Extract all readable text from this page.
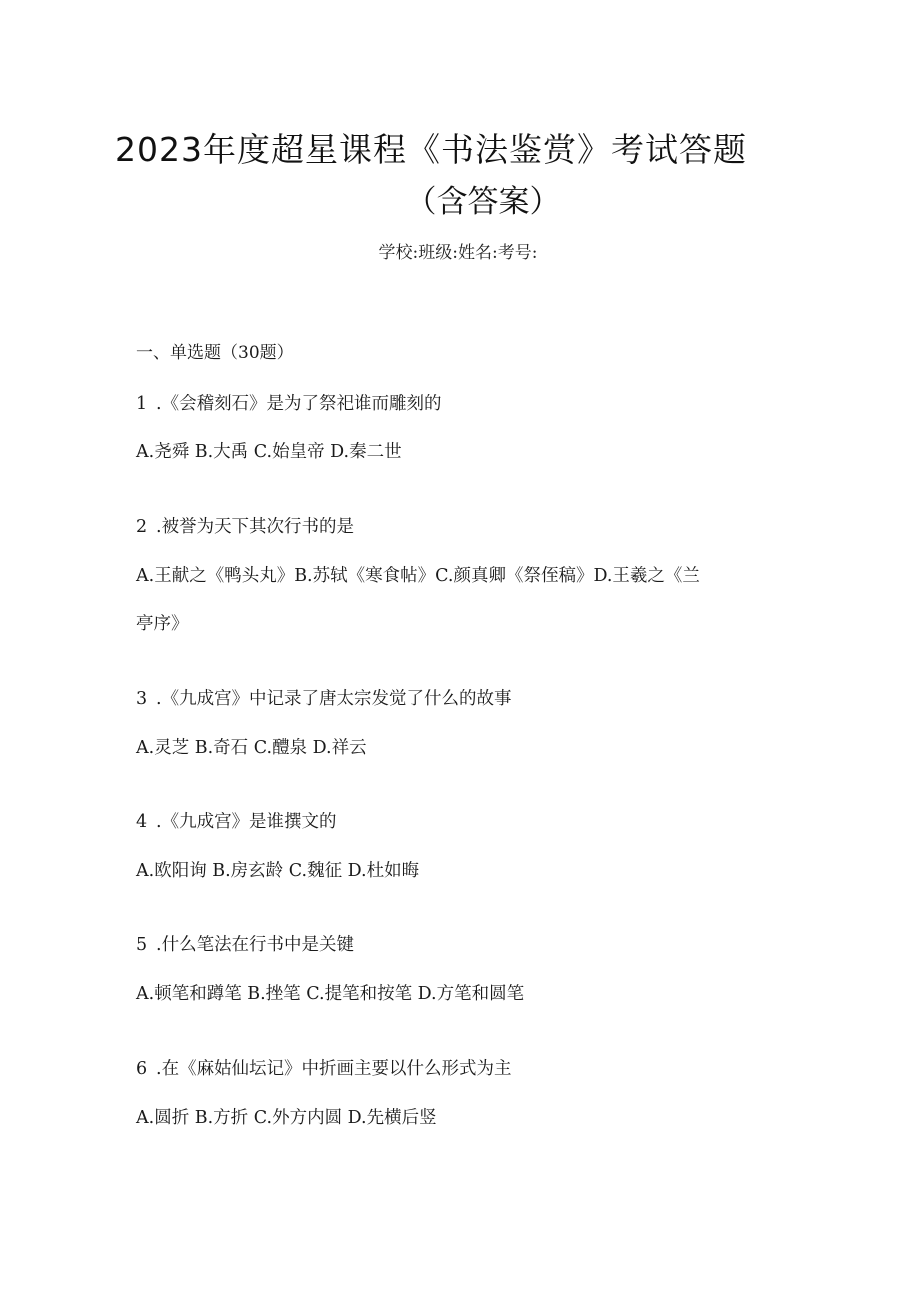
2023年度超星课程《书法鉴赏》考试答题
（含答案）
学校:班级:姓名:考号:
一、单选题（30题）
1 .《会稽刻石》是为了祭祀谁而雕刻的
A.尧舜 B.大禹 C.始皇帝 D.秦二世
2 .被誉为天下其次行书的是
A.王献之《鸭头丸》B.苏轼《寒食帖》C.颜真卿《祭侄稿》D.王羲之《兰
亭序》
3 .《九成宫》中记录了唐太宗发觉了什么的故事
A.灵芝 B.奇石 C.醴泉 D.祥云
4 .《九成宫》是谁撰文的
A.欧阳询 B.房玄龄 C.魏征 D.杜如晦
5 .什么笔法在行书中是关键
A.顿笔和蹲笔 B.挫笔 C.提笔和按笔 D.方笔和圆笔
6 .在《麻姑仙坛记》中折画主要以什么形式为主
A.圆折 B.方折 C.外方内圆 D.先横后竖
